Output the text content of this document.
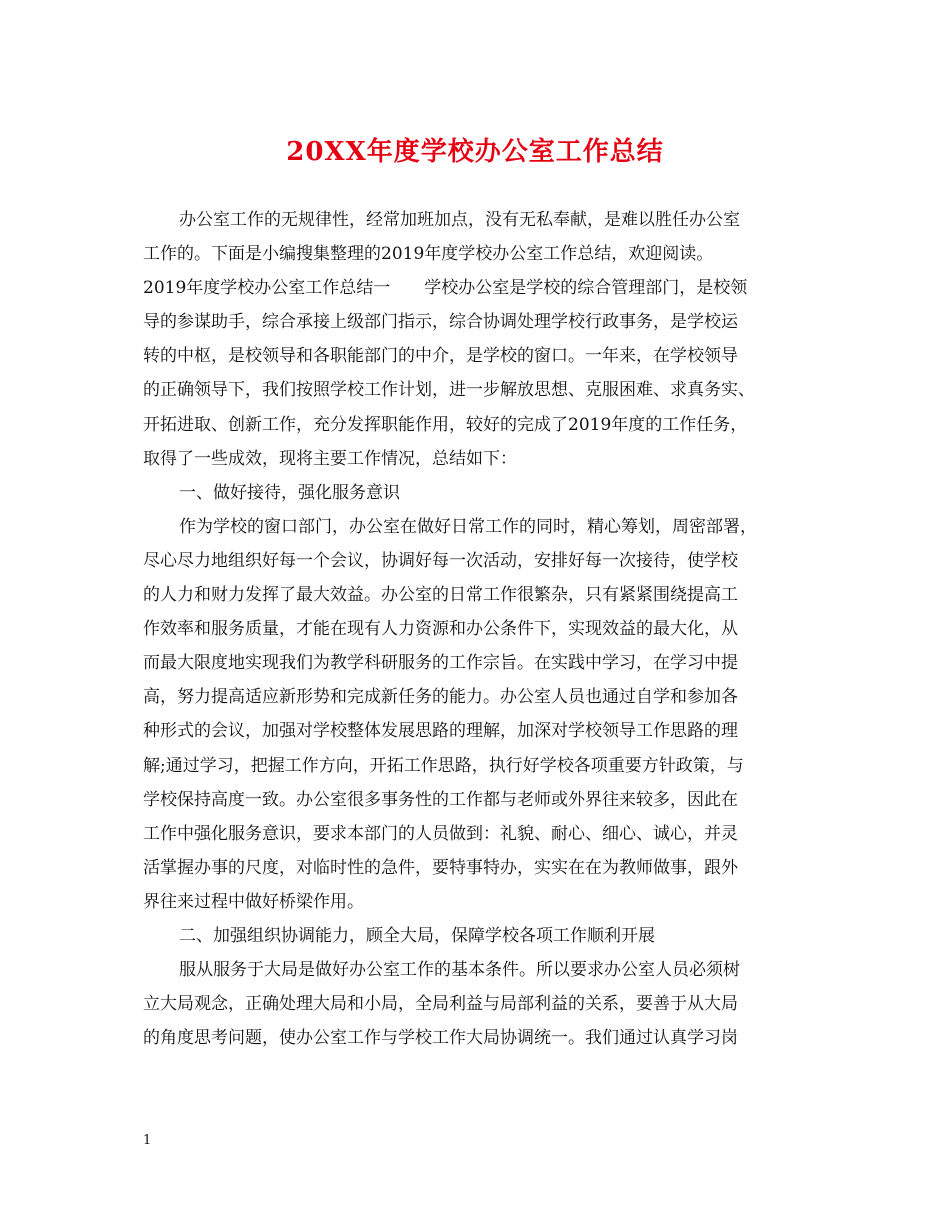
20XX年度学校办公室工作总结
办公室工作的无规律性，经常加班加点，没有无私奉献，是难以胜任办公室
工作的。下面是小编搜集整理的2019年度学校办公室工作总结，欢迎阅读。
2019年度学校办公室工作总结一　　学校办公室是学校的综合管理部门，是校领
导的参谋助手，综合承接上级部门指示，综合协调处理学校行政事务，是学校运
转的中枢，是校领导和各职能部门的中介，是学校的窗口。一年来，在学校领导
的正确领导下，我们按照学校工作计划，进一步解放思想、克服困难、求真务实、
开拓进取、创新工作，充分发挥职能作用，较好的完成了2019年度的工作任务，
取得了一些成效，现将主要工作情况，总结如下：
一、做好接待，强化服务意识
作为学校的窗口部门，办公室在做好日常工作的同时，精心筹划，周密部署，
尽心尽力地组织好每一个会议，协调好每一次活动，安排好每一次接待，使学校
的人力和财力发挥了最大效益。办公室的日常工作很繁杂，只有紧紧围绕提高工
作效率和服务质量，才能在现有人力资源和办公条件下，实现效益的最大化，从
而最大限度地实现我们为教学科研服务的工作宗旨。在实践中学习，在学习中提
高，努力提高适应新形势和完成新任务的能力。办公室人员也通过自学和参加各
种形式的会议，加强对学校整体发展思路的理解，加深对学校领导工作思路的理
解;通过学习，把握工作方向，开拓工作思路，执行好学校各项重要方针政策，与
学校保持高度一致。办公室很多事务性的工作都与老师或外界往来较多，因此在
工作中强化服务意识，要求本部门的人员做到：礼貌、耐心、细心、诚心，并灵
活掌握办事的尺度，对临时性的急件，要特事特办，实实在在为教师做事，跟外
界往来过程中做好桥梁作用。
二、加强组织协调能力，顾全大局，保障学校各项工作顺利开展
服从服务于大局是做好办公室工作的基本条件。所以要求办公室人员必须树
立大局观念，正确处理大局和小局，全局利益与局部利益的关系，要善于从大局
的角度思考问题，使办公室工作与学校工作大局协调统一。我们通过认真学习岗
1
